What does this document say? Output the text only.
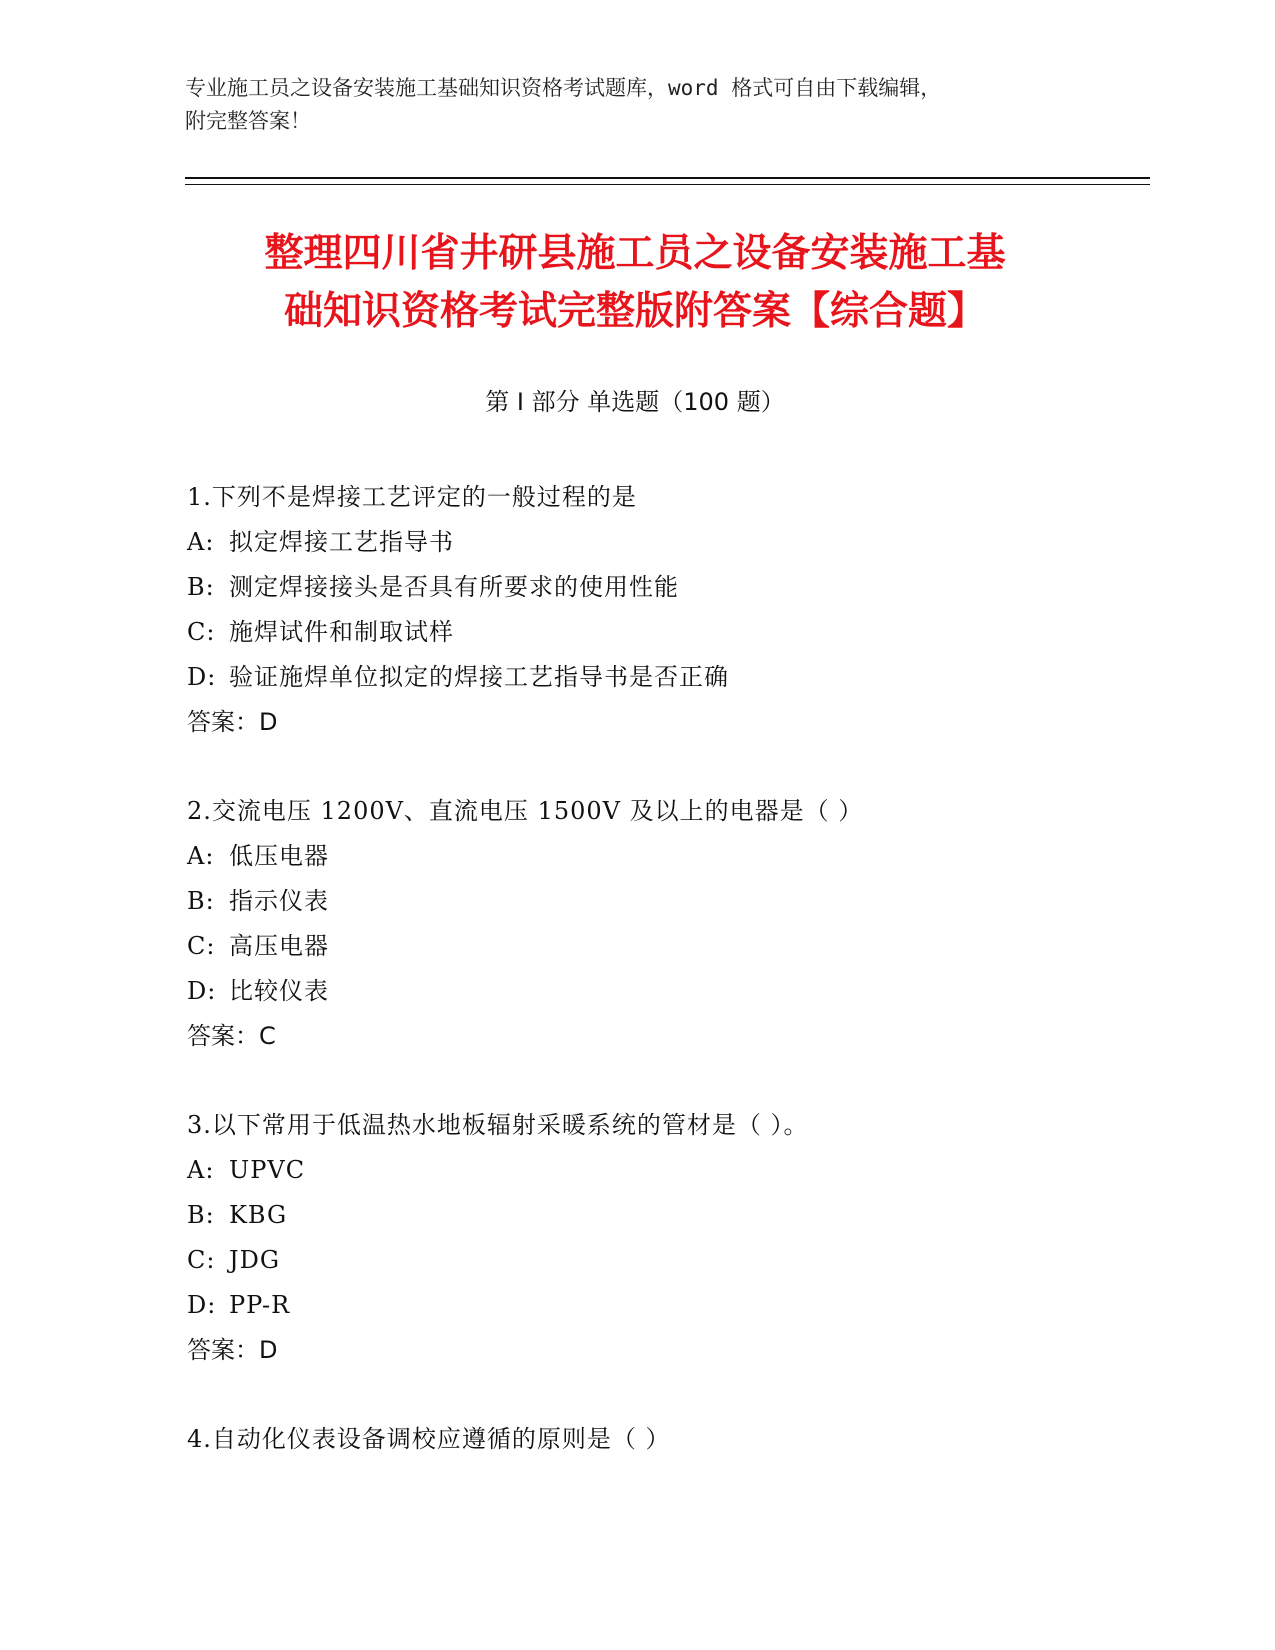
专业施工员之设备安装施工基础知识资格考试题库，word 格式可自由下载编辑，
附完整答案！
整理四川省井研县施工员之设备安装施工基
础知识资格考试完整版附答案【综合题】
第 I 部分 单选题（100 题）
1.下列不是焊接工艺评定的一般过程的是
A: 拟定焊接工艺指导书
B: 测定焊接接头是否具有所要求的使用性能
C: 施焊试件和制取试样
D: 验证施焊单位拟定的焊接工艺指导书是否正确
答案：D
2.交流电压 1200V、直流电压 1500V 及以上的电器是（ ）
A: 低压电器
B: 指示仪表
C: 高压电器
D: 比较仪表
答案：C
3.以下常用于低温热水地板辐射采暖系统的管材是（ ）。
A: UPVC
B: KBG
C: JDG
D: PP-R
答案：D
4.自动化仪表设备调校应遵循的原则是（ ）
